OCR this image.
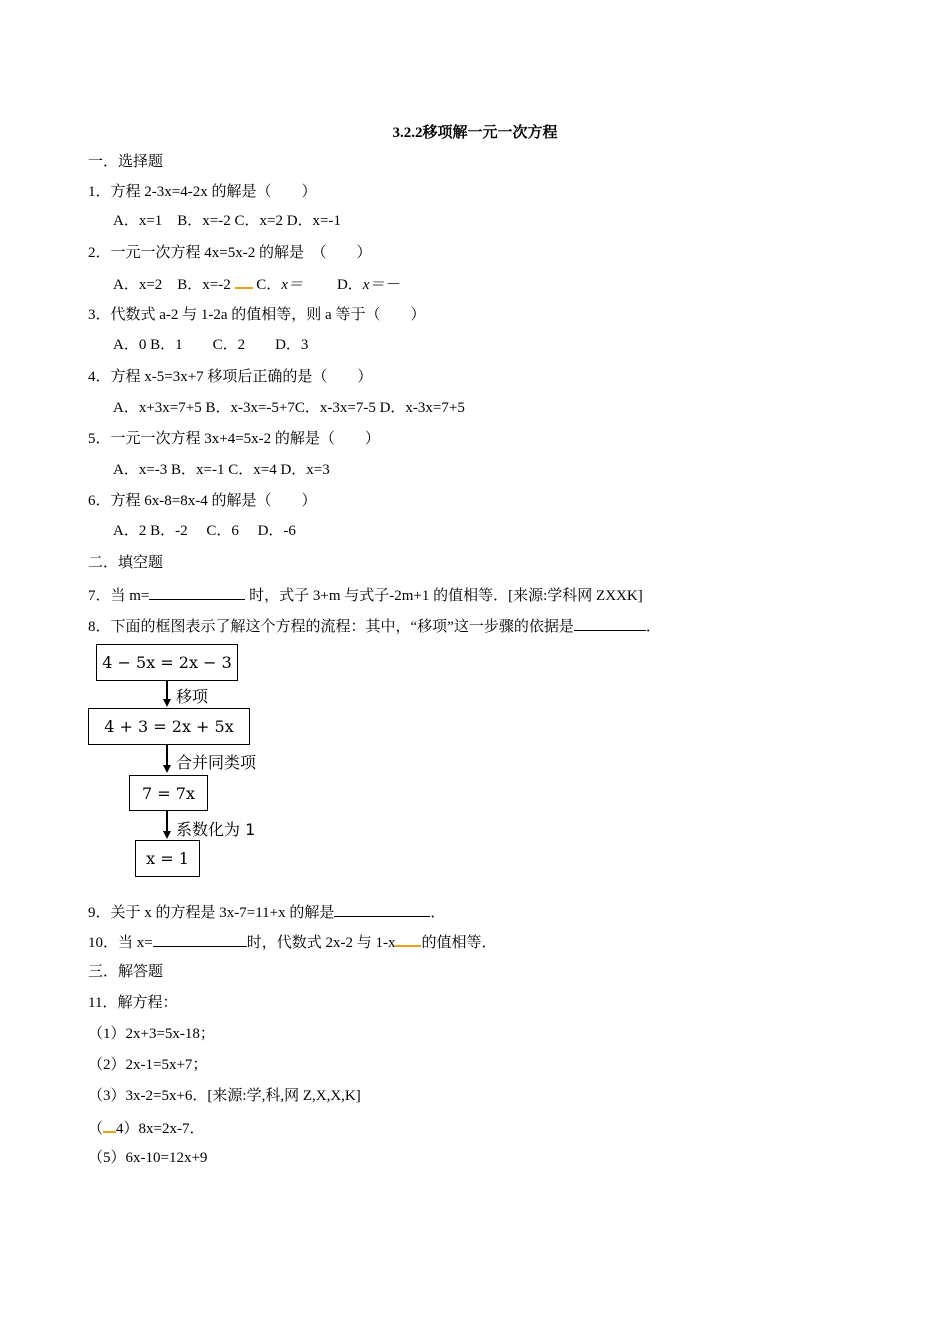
3.2.2移项解一元一次方程
一．选择题
1．方程 2-3x=4-2x 的解是（　　）
A．x=1　B．x=-2 C．x=2 D．x=-1
2．一元一次方程 4x=5x-2 的解是　（　　）
A．x=2　B．x=-2  C．x＝ D．x＝－
3．代数式 a-2 与 1-2a 的值相等，则 a 等于（　　）
A．0 B．1　　C．2　　D．3
4．方程 x-5=3x+7 移项后正确的是（　　）
A．x+3x=7+5 B．x-3x=-5+7C．x-3x=7-5 D．x-3x=7+5
5．一元一次方程 3x+4=5x-2 的解是（　　）
A．x=-3 B．x=-1 C．x=4 D．x=3
6．方程 6x-8=8x-4 的解是（　　）
A．2 B．-2　 C．6　 D．-6
二．填空题
7．当 m=	时，式子 3+m 与式子-2m+1 的值相等．[来源:学科网 ZXXK]
8．下面的框图表示了解这个方程的流程：其中，“移项”这一步骤的依据是	．
4 − 5x = 2x − 3
移项
4 + 3 = 2x + 5x
合并同类项
7 = 7x
系数化为 1
x = 1
9．关于 x 的方程是 3x-7=11+x 的解是	．
10．当 x=	时，代数式 2x-2 与 1-x 的值相等．
三．解答题
11．解方程：
（1）2x+3=5x-18；
（2）2x-1=5x+7；
（3）3x-2=5x+6．[来源:学,科,网 Z,X,X,K]
（ 4）8x=2x-7．
（5）6x-10=12x+9
